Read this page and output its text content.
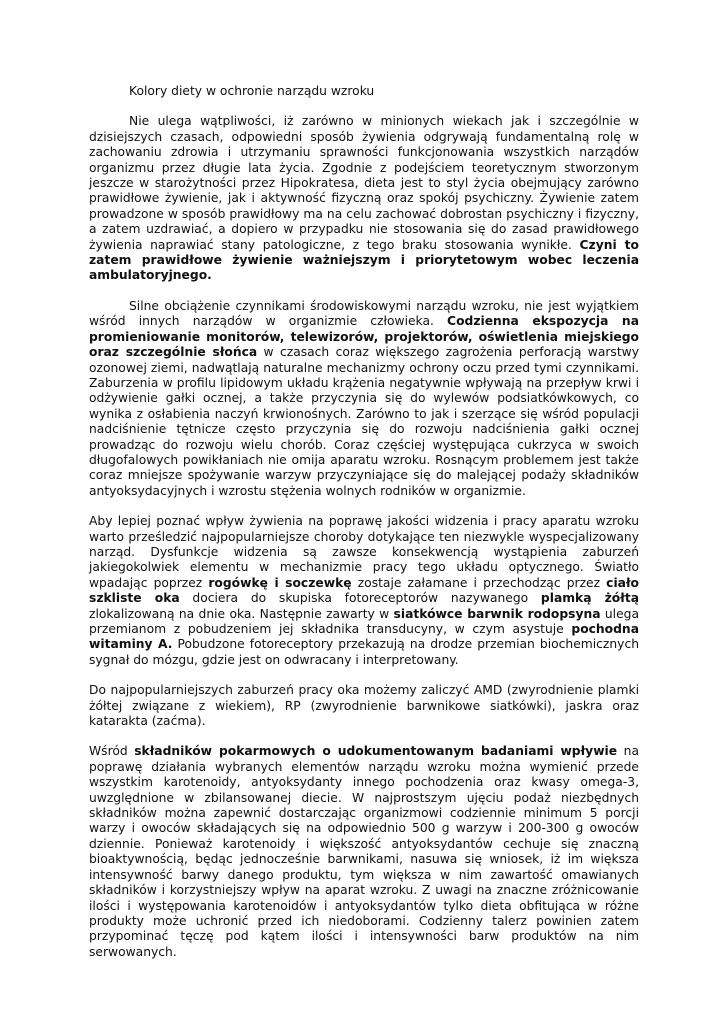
Kolory diety w ochronie narządu wzroku

Nie ulega wątpliwości, iż zarówno w minionych wiekach jak i szczególnie w dzisiejszych czasach, odpowiedni sposób żywienia odgrywają fundamentalną rolę w zachowaniu zdrowia i utrzymaniu sprawności funkcjonowania wszystkich narządów organizmu przez długie lata życia. Zgodnie z podejściem teoretycznym stworzonym jeszcze w starożytności przez Hipokratesa, dieta jest to styl życia obejmujący zarówno prawidłowe żywienie, jak i aktywność fizyczną oraz spokój psychiczny. Żywienie zatem prowadzone w sposób prawidłowy ma na celu zachować dobrostan psychiczny i fizyczny, a zatem uzdrawiać, a dopiero w przypadku nie stosowania się do zasad prawidłowego żywienia naprawiać stany patologiczne, z tego braku stosowania wynikłe. Czyni to zatem prawidłowe żywienie ważniejszym i priorytetowym wobec leczenia ambulatoryjnego.

Silne obciążenie czynnikami środowiskowymi narządu wzroku, nie jest wyjątkiem wśród innych narządów w organizmie człowieka. Codzienna ekspozycja na promieniowanie monitorów, telewizorów, projektorów, oświetlenia miejskiego oraz szczególnie słońca w czasach coraz większego zagrożenia perforacją warstwy ozonowej ziemi, nadwątlają naturalne mechanizmy ochrony oczu przed tymi czynnikami. Zaburzenia w profilu lipidowym układu krążenia negatywnie wpływają na przepływ krwi i odżywienie gałki ocznej, a także przyczynia się do wylewów podsiatkówkowych, co wynika z osłabienia naczyń krwionośnych. Zarówno to jak i szerzące się wśród populacji nadciśnienie tętnicze często przyczynia się do rozwoju nadciśnienia gałki ocznej prowadząc do rozwoju wielu chorób. Coraz częściej występująca cukrzyca w swoich długofalowych powikłaniach nie omija aparatu wzroku. Rosnącym problemem jest także coraz mniejsze spożywanie warzyw przyczyniające się do malejącej podaży składników antyoksydacyjnych i wzrostu stężenia wolnych rodników w organizmie.

Aby lepiej poznać wpływ żywienia na poprawę jakości widzenia i pracy aparatu wzroku warto prześledzić najpopularniejsze choroby dotykające ten niezwykle wyspecjalizowany narząd. Dysfunkcje widzenia są zawsze konsekwencją wystąpienia zaburzeń jakiegokolwiek elementu w mechanizmie pracy tego układu optycznego. Światło wpadając poprzez rogówkę i soczewkę zostaje załamane i przechodząc przez ciało szkliste oka dociera do skupiska fotoreceptorów nazywanego plamką żółtą zlokalizowaną na dnie oka. Następnie zawarty w siatkówce barwnik rodopsyna ulega przemianom z pobudzeniem jej składnika transducyny, w czym asystuje pochodna witaminy A. Pobudzone fotoreceptory przekazują na drodze przemian biochemicznych sygnał do mózgu, gdzie jest on odwracany i interpretowany.

Do najpopularniejszych zaburzeń pracy oka możemy zaliczyć AMD (zwyrodnienie plamki żółtej związane z wiekiem), RP (zwyrodnienie barwnikowe siatkówki), jaskra oraz katarakta (zaćma).

Wśród składników pokarmowych o udokumentowanym badaniami wpływie na poprawę działania wybranych elementów narządu wzroku można wymienić przede wszystkim karotenoidy, antyoksydanty innego pochodzenia oraz kwasy omega-3, uwzględnione w zbilansowanej diecie. W najprostszym ujęciu podaż niezbędnych składników można zapewnić dostarczając organizmowi codziennie minimum 5 porcji warzy i owoców składających się na odpowiednio 500 g warzyw i 200-300 g owoców dziennie. Ponieważ karotenoidy i większość antyoksydantów cechuje się znaczną bioaktywnością, będąc jednocześnie barwnikami, nasuwa się wniosek, iż im większa intensywność barwy danego produktu, tym większa w nim zawartość omawianych składników i korzystniejszy wpływ na aparat wzroku. Z uwagi na znaczne zróżnicowanie ilości i występowania karotenoidów i antyoksydantów tylko dieta obfitująca w różne produkty może uchronić przed ich niedoborami. Codzienny talerz powinien zatem przypominać tęczę pod kątem ilości i intensywności barw produktów na nim serwowanych.
